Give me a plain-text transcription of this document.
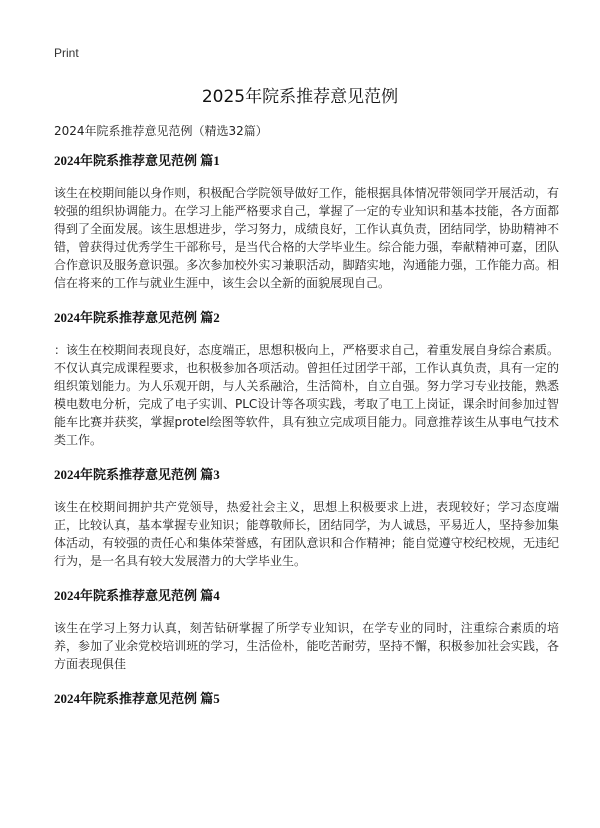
Print
2025年院系推荐意见范例

2024年院系推荐意见范例（精选32篇）

2024年院系推荐意见范例 篇1

该生在校期间能以身作则，积极配合学院领导做好工作，能根据具体情况带领同学开展活动，有较强的组织协调能力。在学习上能严格要求自己，掌握了一定的专业知识和基本技能，各方面都得到了全面发展。该生思想进步，学习努力，成绩良好，工作认真负责，团结同学，协助精神不错，曾获得过优秀学生干部称号，是当代合格的大学毕业生。综合能力强，奉献精神可嘉，团队合作意识及服务意识强。多次参加校外实习兼职活动，脚踏实地，沟通能力强，工作能力高。相信在将来的工作与就业生涯中，该生会以全新的面貌展现自己。

2024年院系推荐意见范例 篇2

：该生在校期间表现良好，态度端正，思想积极向上，严格要求自己，着重发展自身综合素质。不仅认真完成课程要求，也积极参加各项活动。曾担任过团学干部，工作认真负责，具有一定的组织策划能力。为人乐观开朗，与人关系融洽，生活简朴，自立自强。努力学习专业技能，熟悉模电数电分析，完成了电子实训、PLC设计等各项实践，考取了电工上岗证，课余时间参加过智能车比赛并获奖，掌握protel绘图等软件，具有独立完成项目能力。同意推荐该生从事电气技术类工作。

2024年院系推荐意见范例 篇3

该生在校期间拥护共产党领导，热爱社会主义，思想上积极要求上进，表现较好；学习态度端正，比较认真，基本掌握专业知识；能尊敬师长，团结同学，为人诚恳，平易近人，坚持参加集体活动，有较强的责任心和集体荣誉感，有团队意识和合作精神；能自觉遵守校纪校规，无违纪行为，是一名具有较大发展潜力的大学毕业生。

2024年院系推荐意见范例 篇4

该生在学习上努力认真，刻苦钻研掌握了所学专业知识，在学专业的同时，注重综合素质的培养，参加了业余党校培训班的学习，生活俭朴，能吃苦耐劳，坚持不懈，积极参加社会实践，各方面表现俱佳

2024年院系推荐意见范例 篇5
